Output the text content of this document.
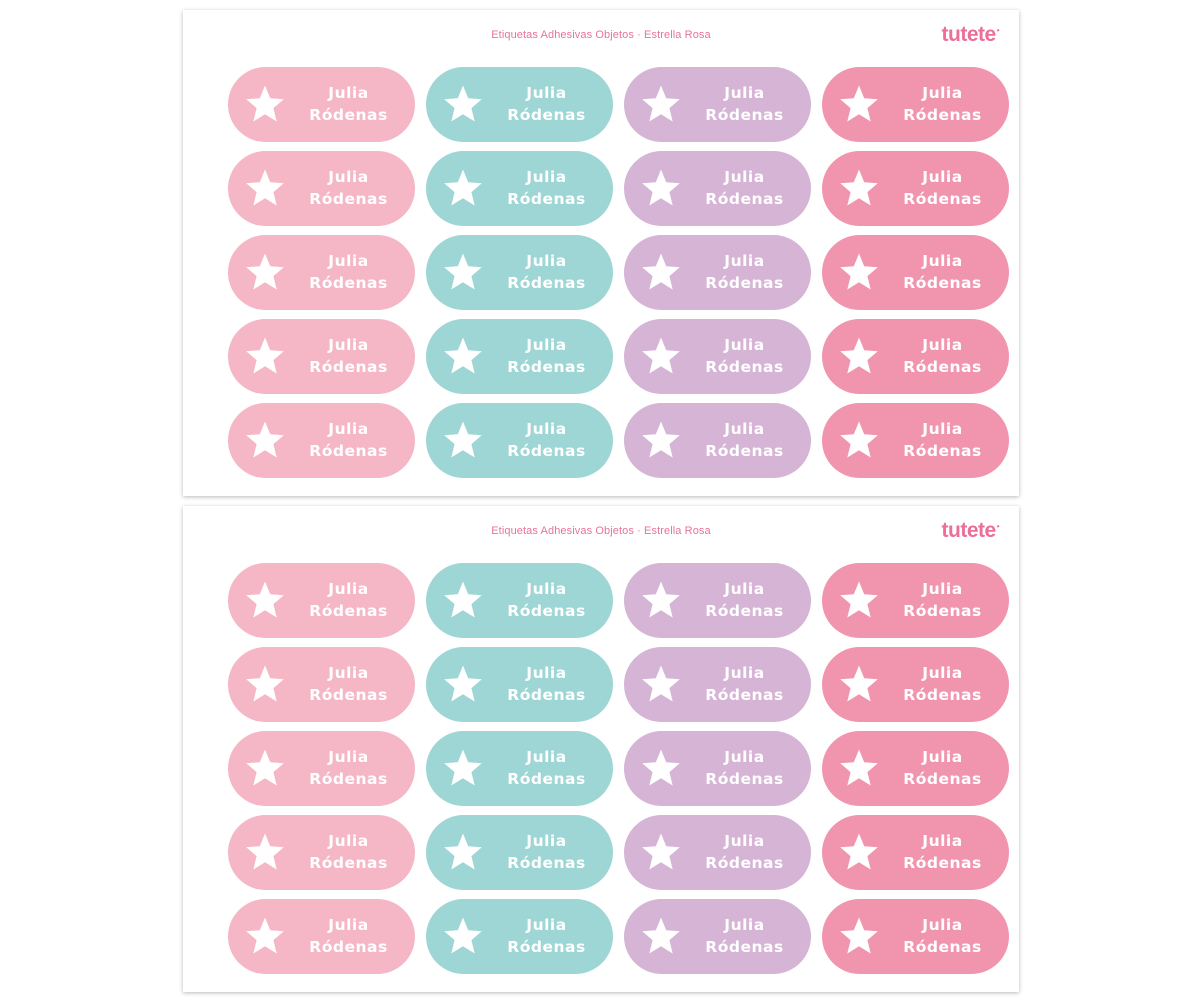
Etiquetas Adhesivas Objetos · Estrella Rosa	tutete•
Julia
Ródenas
Julia
Ródenas
Julia
Ródenas
Julia
Ródenas
Julia
Ródenas
Julia
Ródenas
Julia
Ródenas
Julia
Ródenas
Julia
Ródenas
Julia
Ródenas
Julia
Ródenas
Julia
Ródenas
Julia
Ródenas
Julia
Ródenas
Julia
Ródenas
Julia
Ródenas
Julia
Ródenas
Julia
Ródenas
Julia
Ródenas
Julia
Ródenas
Etiquetas Adhesivas Objetos · Estrella Rosa	tutete•
Julia
Ródenas
Julia
Ródenas
Julia
Ródenas
Julia
Ródenas
Julia
Ródenas
Julia
Ródenas
Julia
Ródenas
Julia
Ródenas
Julia
Ródenas
Julia
Ródenas
Julia
Ródenas
Julia
Ródenas
Julia
Ródenas
Julia
Ródenas
Julia
Ródenas
Julia
Ródenas
Julia
Ródenas
Julia
Ródenas
Julia
Ródenas
Julia
Ródenas
